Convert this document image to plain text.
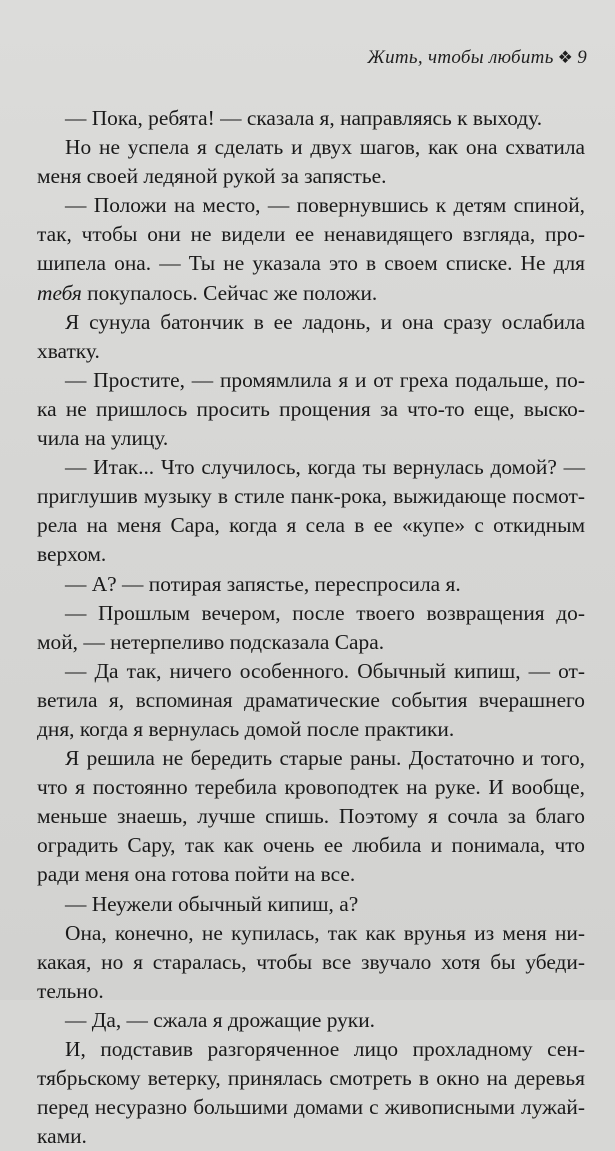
Жить, чтобы любить ❖ 9
— Пока, ребята! — сказала я, направляясь к выходу.
Но не успела я сделать и двух шагов, как она схватила
меня своей ледяной рукой за запястье.
— Положи на место, — повернувшись к детям спиной,
так, чтобы они не видели ее ненавидящего взгляда, про-
шипела она. — Ты не указала это в своем списке. Не для
тебя покупалось. Сейчас же положи.
Я сунула батончик в ее ладонь, и она сразу ослабила
хватку.
— Простите, — промямлила я и от греха подальше, по-
ка не пришлось просить прощения за что-то еще, выско-
чила на улицу.
— Итак... Что случилось, когда ты вернулась домой? —
приглушив музыку в стиле панк-рока, выжидающе посмот-
рела на меня Сара, когда я села в ее «купе» с откидным
верхом.
— А? — потирая запястье, переспросила я.
— Прошлым вечером, после твоего возвращения до-
мой, — нетерпеливо подсказала Сара.
— Да так, ничего особенного. Обычный кипиш, — от-
ветила я, вспоминая драматические события вчерашнего
дня, когда я вернулась домой после практики.
Я решила не бередить старые раны. Достаточно и того,
что я постоянно теребила кровоподтек на руке. И вообще,
меньше знаешь, лучше спишь. Поэтому я сочла за благо
оградить Сару, так как очень ее любила и понимала, что
ради меня она готова пойти на все.
— Неужели обычный кипиш, а?
Она, конечно, не купилась, так как врунья из меня ни-
какая, но я старалась, чтобы все звучало хотя бы убеди-
тельно.
— Да, — сжала я дрожащие руки.
И, подставив разгоряченное лицо прохладному сен-
тябрьскому ветерку, принялась смотреть в окно на деревья
перед несуразно большими домами с живописными лужай-
ками.
